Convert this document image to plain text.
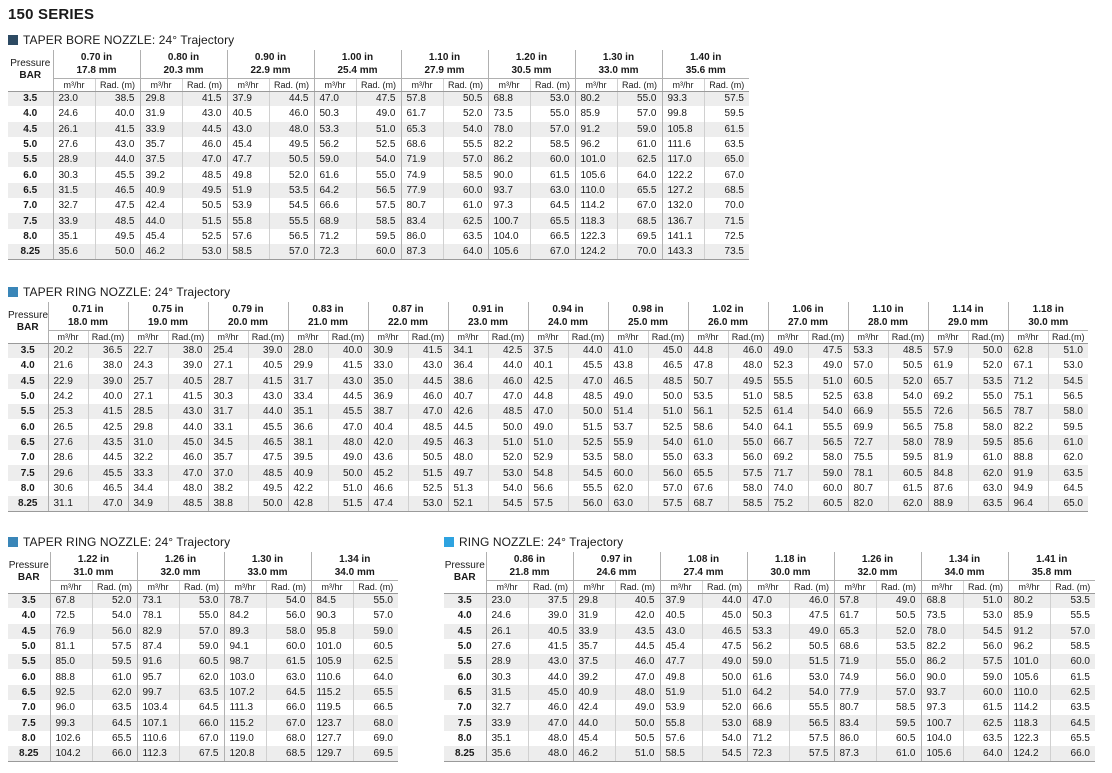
150 SERIES
TAPER BORE NOZZLE: 24° Trajectory
Pressure
BAR	0.70 in
17.8 mm		0.80 in
20.3 mm		0.90 in
22.9 mm		1.00 in
25.4 mm		1.10 in
27.9 mm		1.20 in
30.5 mm		1.30 in
33.0 mm		1.40 in
35.6 mm	

	m³/hr	Rad. (m)	m³/hr	Rad. (m)	m³/hr	Rad. (m)	m³/hr	Rad. (m)	m³/hr	Rad. (m)	m³/hr	Rad. (m)	m³/hr	Rad. (m)	m³/hr	Rad. (m)
3.5	23.0	38.5	29.8	41.5	37.9	44.5	47.0	47.5	57.8	50.5	68.8	53.0	80.2	55.0	93.3	57.5
4.0	24.6	40.0	31.9	43.0	40.5	46.0	50.3	49.0	61.7	52.0	73.5	55.0	85.9	57.0	99.8	59.5
4.5	26.1	41.5	33.9	44.5	43.0	48.0	53.3	51.0	65.3	54.0	78.0	57.0	91.2	59.0	105.8	61.5
5.0	27.6	43.0	35.7	46.0	45.4	49.5	56.2	52.5	68.6	55.5	82.2	58.5	96.2	61.0	111.6	63.5
5.5	28.9	44.0	37.5	47.0	47.7	50.5	59.0	54.0	71.9	57.0	86.2	60.0	101.0	62.5	117.0	65.0
6.0	30.3	45.5	39.2	48.5	49.8	52.0	61.6	55.0	74.9	58.5	90.0	61.5	105.6	64.0	122.2	67.0
6.5	31.5	46.5	40.9	49.5	51.9	53.5	64.2	56.5	77.9	60.0	93.7	63.0	110.0	65.5	127.2	68.5
7.0	32.7	47.5	42.4	50.5	53.9	54.5	66.6	57.5	80.7	61.0	97.3	64.5	114.2	67.0	132.0	70.0
7.5	33.9	48.5	44.0	51.5	55.8	55.5	68.9	58.5	83.4	62.5	100.7	65.5	118.3	68.5	136.7	71.5
8.0	35.1	49.5	45.4	52.5	57.6	56.5	71.2	59.5	86.0	63.5	104.0	66.5	122.3	69.5	141.1	72.5
8.25	35.6	50.0	46.2	53.0	58.5	57.0	72.3	60.0	87.3	64.0	105.6	67.0	124.2	70.0	143.3	73.5
TAPER RING NOZZLE: 24° Trajectory
Pressure
BAR	0.71 in
18.0 mm		0.75 in
19.0 mm		0.79 in
20.0 mm		0.83 in
21.0 mm		0.87 in
22.0 mm		0.91 in
23.0 mm		0.94 in
24.0 mm		0.98 in
25.0 mm		1.02 in
26.0 mm		1.06 in
27.0 mm		1.10 in
28.0 mm		1.14 in
29.0 mm		1.18 in
30.0 mm	

	m³/hr	Rad.(m)	m³/hr	Rad.(m)	m³/hr	Rad.(m)	m³/hr	Rad.(m)	m³/hr	Rad.(m)	m³/hr	Rad.(m)	m³/hr	Rad.(m)	m³/hr	Rad.(m)	m³/hr	Rad.(m)	m³/hr	Rad.(m)	m³/hr	Rad.(m)	m³/hr	Rad.(m)	m³/hr	Rad.(m)
3.5	20.2	36.5	22.7	38.0	25.4	39.0	28.0	40.0	30.9	41.5	34.1	42.5	37.5	44.0	41.0	45.0	44.8	46.0	49.0	47.5	53.3	48.5	57.9	50.0	62.8	51.0
4.0	21.6	38.0	24.3	39.0	27.1	40.5	29.9	41.5	33.0	43.0	36.4	44.0	40.1	45.5	43.8	46.5	47.8	48.0	52.3	49.0	57.0	50.5	61.9	52.0	67.1	53.0
4.5	22.9	39.0	25.7	40.5	28.7	41.5	31.7	43.0	35.0	44.5	38.6	46.0	42.5	47.0	46.5	48.5	50.7	49.5	55.5	51.0	60.5	52.0	65.7	53.5	71.2	54.5
5.0	24.2	40.0	27.1	41.5	30.3	43.0	33.4	44.5	36.9	46.0	40.7	47.0	44.8	48.5	49.0	50.0	53.5	51.0	58.5	52.5	63.8	54.0	69.2	55.0	75.1	56.5
5.5	25.3	41.5	28.5	43.0	31.7	44.0	35.1	45.5	38.7	47.0	42.6	48.5	47.0	50.0	51.4	51.0	56.1	52.5	61.4	54.0	66.9	55.5	72.6	56.5	78.7	58.0
6.0	26.5	42.5	29.8	44.0	33.1	45.5	36.6	47.0	40.4	48.5	44.5	50.0	49.0	51.5	53.7	52.5	58.6	54.0	64.1	55.5	69.9	56.5	75.8	58.0	82.2	59.5
6.5	27.6	43.5	31.0	45.0	34.5	46.5	38.1	48.0	42.0	49.5	46.3	51.0	51.0	52.5	55.9	54.0	61.0	55.0	66.7	56.5	72.7	58.0	78.9	59.5	85.6	61.0
7.0	28.6	44.5	32.2	46.0	35.7	47.5	39.5	49.0	43.6	50.5	48.0	52.0	52.9	53.5	58.0	55.0	63.3	56.0	69.2	58.0	75.5	59.5	81.9	61.0	88.8	62.0
7.5	29.6	45.5	33.3	47.0	37.0	48.5	40.9	50.0	45.2	51.5	49.7	53.0	54.8	54.5	60.0	56.0	65.5	57.5	71.7	59.0	78.1	60.5	84.8	62.0	91.9	63.5
8.0	30.6	46.5	34.4	48.0	38.2	49.5	42.2	51.0	46.6	52.5	51.3	54.0	56.6	55.5	62.0	57.0	67.6	58.0	74.0	60.0	80.7	61.5	87.6	63.0	94.9	64.5
8.25	31.1	47.0	34.9	48.5	38.8	50.0	42.8	51.5	47.4	53.0	52.1	54.5	57.5	56.0	63.0	57.5	68.7	58.5	75.2	60.5	82.0	62.0	88.9	63.5	96.4	65.0
TAPER RING NOZZLE: 24° Trajectory
Pressure
BAR	1.22 in
31.0 mm		1.26 in
32.0 mm		1.30 in
33.0 mm		1.34 in
34.0 mm	

	m³/hr	Rad. (m)	m³/hr	Rad. (m)	m³/hr	Rad. (m)	m³/hr	Rad. (m)
3.5	67.8	52.0	73.1	53.0	78.7	54.0	84.5	55.0
4.0	72.5	54.0	78.1	55.0	84.2	56.0	90.3	57.0
4.5	76.9	56.0	82.9	57.0	89.3	58.0	95.8	59.0
5.0	81.1	57.5	87.4	59.0	94.1	60.0	101.0	60.5
5.5	85.0	59.5	91.6	60.5	98.7	61.5	105.9	62.5
6.0	88.8	61.0	95.7	62.0	103.0	63.0	110.6	64.0
6.5	92.5	62.0	99.7	63.5	107.2	64.5	115.2	65.5
7.0	96.0	63.5	103.4	64.5	111.3	66.0	119.5	66.5
7.5	99.3	64.5	107.1	66.0	115.2	67.0	123.7	68.0
8.0	102.6	65.5	110.6	67.0	119.0	68.0	127.7	69.0
8.25	104.2	66.0	112.3	67.5	120.8	68.5	129.7	69.5
RING NOZZLE: 24° Trajectory
Pressure
BAR	0.86 in
21.8 mm		0.97 in
24.6 mm		1.08 in
27.4 mm		1.18 in
30.0 mm		1.26 in
32.0 mm		1.34 in
34.0 mm		1.41 in
35.8 mm	

	m³/hr	Rad. (m)	m³/hr	Rad. (m)	m³/hr	Rad. (m)	m³/hr	Rad. (m)	m³/hr	Rad. (m)	m³/hr	Rad. (m)	m³/hr	Rad. (m)
3.5	23.0	37.5	29.8	40.5	37.9	44.0	47.0	46.0	57.8	49.0	68.8	51.0	80.2	53.5
4.0	24.6	39.0	31.9	42.0	40.5	45.0	50.3	47.5	61.7	50.5	73.5	53.0	85.9	55.5
4.5	26.1	40.5	33.9	43.5	43.0	46.5	53.3	49.0	65.3	52.0	78.0	54.5	91.2	57.0
5.0	27.6	41.5	35.7	44.5	45.4	47.5	56.2	50.5	68.6	53.5	82.2	56.0	96.2	58.5
5.5	28.9	43.0	37.5	46.0	47.7	49.0	59.0	51.5	71.9	55.0	86.2	57.5	101.0	60.0
6.0	30.3	44.0	39.2	47.0	49.8	50.0	61.6	53.0	74.9	56.0	90.0	59.0	105.6	61.5
6.5	31.5	45.0	40.9	48.0	51.9	51.0	64.2	54.0	77.9	57.0	93.7	60.0	110.0	62.5
7.0	32.7	46.0	42.4	49.0	53.9	52.0	66.6	55.5	80.7	58.5	97.3	61.5	114.2	63.5
7.5	33.9	47.0	44.0	50.0	55.8	53.0	68.9	56.5	83.4	59.5	100.7	62.5	118.3	64.5
8.0	35.1	48.0	45.4	50.5	57.6	54.0	71.2	57.5	86.0	60.5	104.0	63.5	122.3	65.5
8.25	35.6	48.0	46.2	51.0	58.5	54.5	72.3	57.5	87.3	61.0	105.6	64.0	124.2	66.0
